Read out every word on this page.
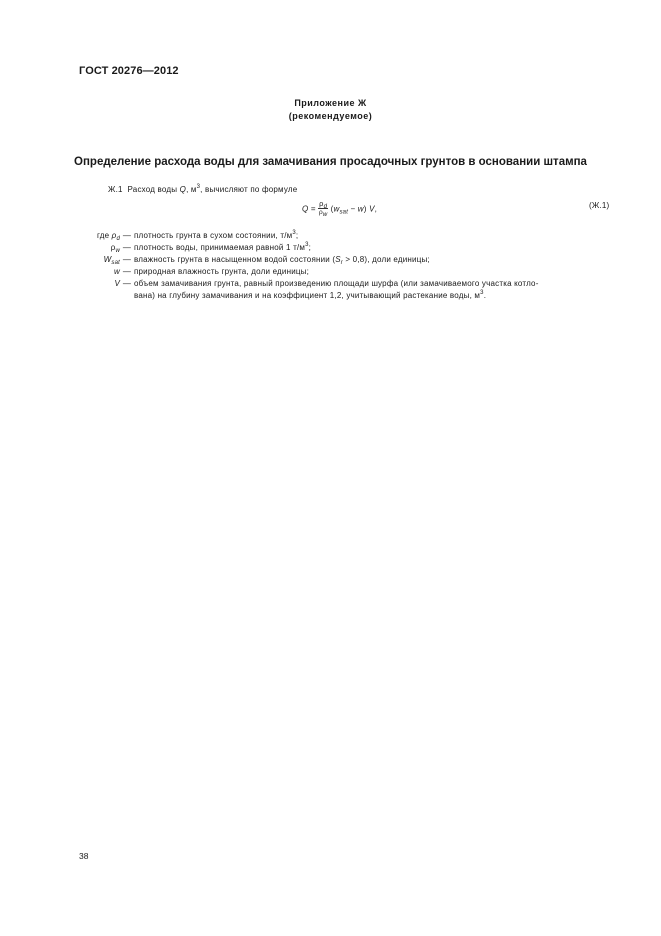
ГОСТ 20276—2012
Приложение Ж
(рекомендуемое)
Определение расхода воды для замачивания просадочных грунтов в основании штампа
Ж.1 Расход воды Q, $м^3$, вычисляют по формуле
$Q = \frac{\rho_d}{\rho_w} (w_{sat} - w)$ V,	(Ж.1)
где $\rho_d$ — плотность грунта в сухом состоянии, $т/м^3$;
$\rho_w$ — плотность воды, принимаемая равной 1 $т/м^3$;
$W_{sat}$ — влажность грунта в насыщенном водой состоянии $(S_r > 0,8)$, доли единицы;
w — природная влажность грунта, доли единицы;
V — объем замачивания грунта, равный произведению площади шурфа (или замачиваемого участка котло-
вана) на глубину замачивания и на коэффициент 1,2, учитывающий растекание воды, $м^3$.
38
